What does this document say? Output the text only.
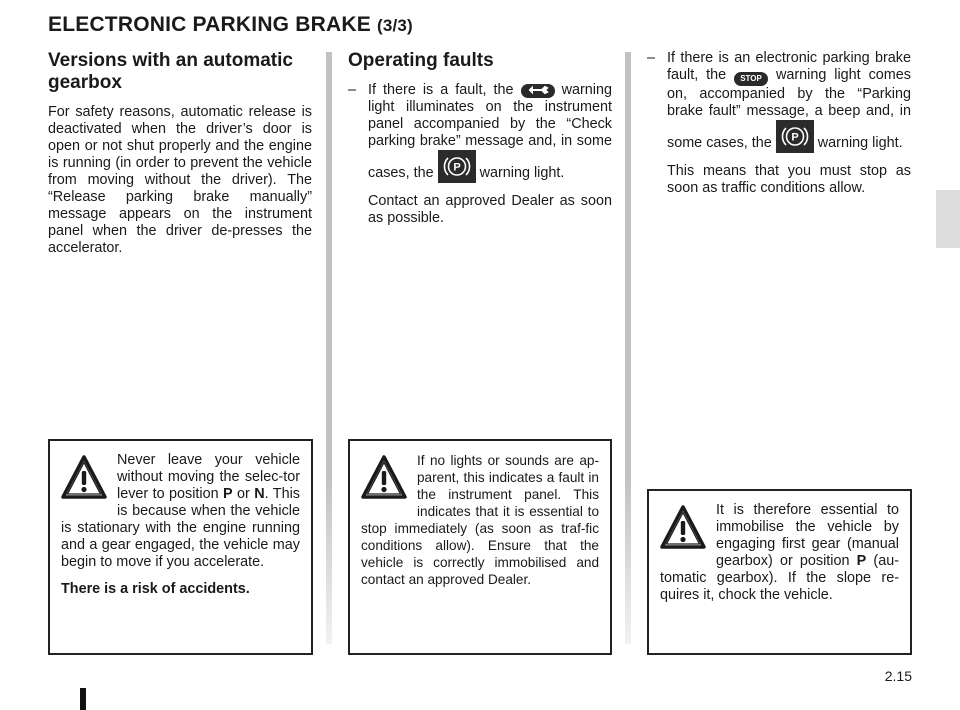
ELECTRONIC PARKING BRAKE (3/3)
Versions with an automatic gearbox

For safety reasons, automatic release is deactivated when the driver’s door is open or not shut properly and the engine is running (in order to prevent the vehicle from moving without the driver). The “Release parking brake manually” message appears on the instrument panel when the driver de-presses the accelerator.

Operating faults

– If there is a fault, the  warning light illuminates on the instrument panel accompanied by the “Check parking brake” message and, in some cases, the P warning light.

Contact an approved Dealer as soon as possible.

– If there is an electronic parking brake fault, the STOP warning light comes on, accompanied by the “Parking brake fault” message, a beep and, in some cases, the P warning light.

This means that you must stop as soon as traffic conditions allow.

Never leave your vehicle without moving the selec-tor lever to position P or N. This is because when the vehicle is stationary with the engine running and a gear engaged, the vehicle may begin to move if you accelerate.

There is a risk of accidents.

If no lights or sounds are ap-parent, this indicates a fault in the instrument panel. This indicates that it is essential to stop immediately (as soon as traf-fic conditions allow). Ensure that the vehicle is correctly immobilised and contact an approved Dealer.

It is therefore essential to immobilise the vehicle by engaging first gear (manual gearbox) or position P (au-tomatic gearbox). If the slope re-quires it, chock the vehicle.

2.15
